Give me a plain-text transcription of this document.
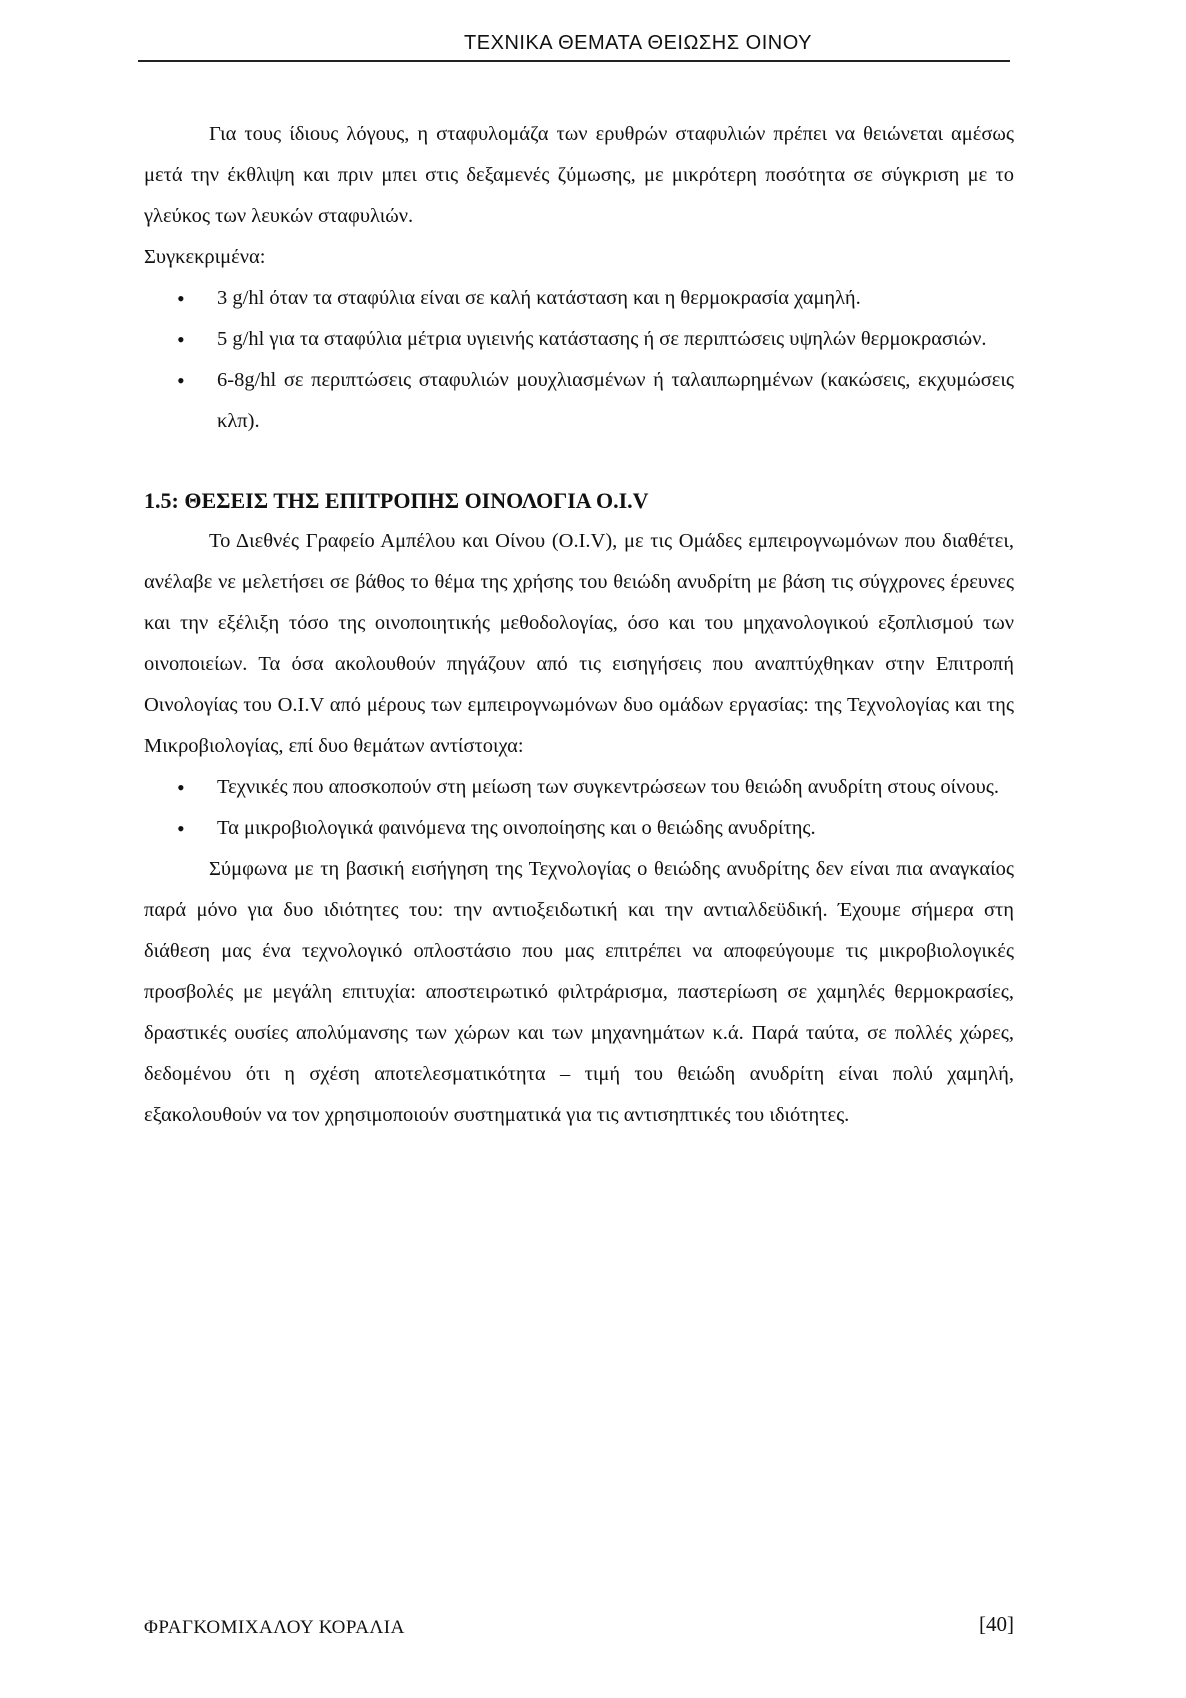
ΤΕΧΝΙΚΑ ΘΕΜΑΤΑ ΘΕΙΩΣΗΣ ΟΙΝΟΥ

Για τους ίδιους λόγους, η σταφυλομάζα των ερυθρών σταφυλιών πρέπει να θειώνεται αμέσως μετά την έκθλιψη και πριν μπει στις δεξαμενές ζύμωσης, με μικρότερη ποσότητα σε σύγκριση με το γλεύκος των λευκών σταφυλιών.

Συγκεκριμένα:

• 3 g/hl όταν τα σταφύλια είναι σε καλή κατάσταση και η θερμοκρασία χαμηλή.
• 5 g/hl για τα σταφύλια μέτρια υγιεινής κατάστασης ή σε περιπτώσεις υψηλών θερμοκρασιών.
• 6-8g/hl σε περιπτώσεις σταφυλιών μουχλιασμένων ή ταλαιπωρημένων (κακώσεις, εκχυμώσεις κλπ).

1.5: ΘΕΣΕΙΣ ΤΗΣ ΕΠΙΤΡΟΠΗΣ ΟΙΝΟΛΟΓΙΑ Ο.Ι.V

Το Διεθνές Γραφείο Αμπέλου και Οίνου (Ο.Ι.V), με τις Ομάδες εμπειρογνωμόνων που διαθέτει, ανέλαβε νε μελετήσει σε βάθος το θέμα της χρήσης του θειώδη ανυδρίτη με βάση τις σύγχρονες έρευνες και την εξέλιξη τόσο της οινοποιητικής μεθοδολογίας, όσο και του μηχανολογικού εξοπλισμού των οινοποιείων. Τα όσα ακολουθούν πηγάζουν από τις εισηγήσεις που αναπτύχθηκαν στην Επιτροπή Οινολογίας του Ο.Ι.V από μέρους των εμπειρογνωμόνων δυο ομάδων εργασίας: της Τεχνολογίας και της Μικροβιολογίας, επί δυο θεμάτων αντίστοιχα:

• Τεχνικές που αποσκοπούν στη μείωση των συγκεντρώσεων του θειώδη ανυδρίτη στους οίνους.
• Τα μικροβιολογικά φαινόμενα της οινοποίησης και ο θειώδης ανυδρίτης.

Σύμφωνα με τη βασική εισήγηση της Τεχνολογίας ο θειώδης ανυδρίτης δεν είναι πια αναγκαίος παρά μόνο για δυο ιδιότητες του: την αντιοξειδωτική και την αντιαλδεϋδική. Έχουμε σήμερα στη διάθεση μας ένα τεχνολογικό οπλοστάσιο που μας επιτρέπει να αποφεύγουμε τις μικροβιολογικές προσβολές με μεγάλη επιτυχία: αποστειρωτικό φιλτράρισμα, παστερίωση σε χαμηλές θερμοκρασίες, δραστικές ουσίες απολύμανσης των χώρων και των μηχανημάτων κ.ά. Παρά ταύτα, σε πολλές χώρες, δεδομένου ότι η σχέση αποτελεσματικότητα – τιμή του θειώδη ανυδρίτη είναι πολύ χαμηλή, εξακολουθούν να τον χρησιμοποιούν συστηματικά για τις αντισηπτικές του ιδιότητες.

ΦΡΑΓΚΟΜΙΧΑΛΟΥ ΚΟΡΑΛΙΑ	[40]
